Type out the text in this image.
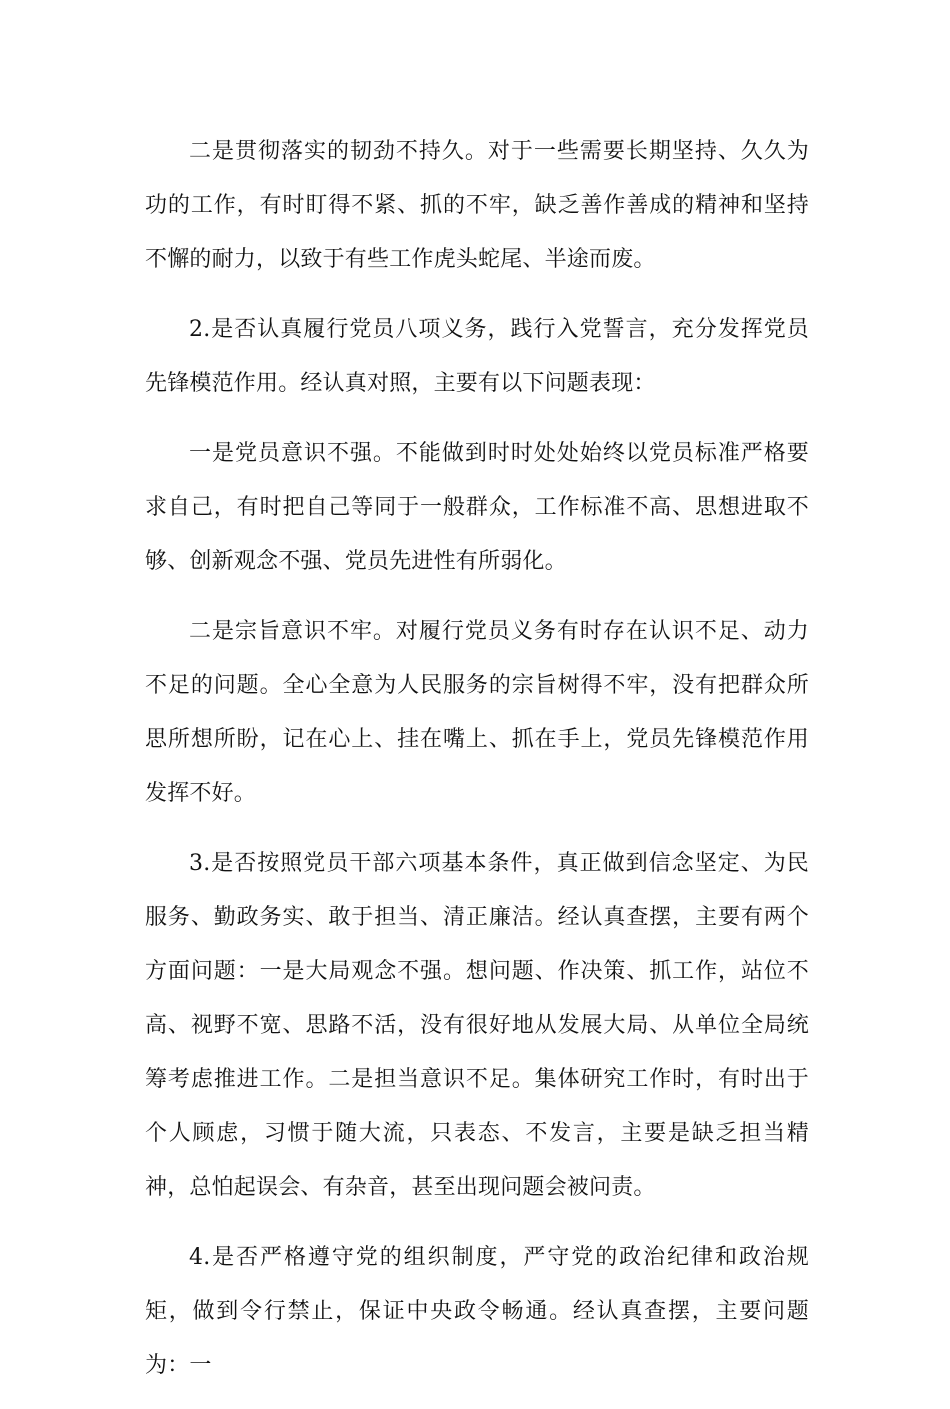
二是贯彻落实的韧劲不持久。对于一些需要长期坚持、久久为功的工作，有时盯得不紧、抓的不牢，缺乏善作善成的精神和坚持不懈的耐力，以致于有些工作虎头蛇尾、半途而废。

2.是否认真履行党员八项义务，践行入党誓言，充分发挥党员先锋模范作用。经认真对照，主要有以下问题表现：

一是党员意识不强。不能做到时时处处始终以党员标准严格要求自己，有时把自己等同于一般群众，工作标准不高、思想进取不够、创新观念不强、党员先进性有所弱化。

二是宗旨意识不牢。对履行党员义务有时存在认识不足、动力不足的问题。全心全意为人民服务的宗旨树得不牢，没有把群众所思所想所盼，记在心上、挂在嘴上、抓在手上，党员先锋模范作用发挥不好。

3.是否按照党员干部六项基本条件，真正做到信念坚定、为民服务、勤政务实、敢于担当、清正廉洁。经认真查摆，主要有两个方面问题：一是大局观念不强。想问题、作决策、抓工作，站位不高、视野不宽、思路不活，没有很好地从发展大局、从单位全局统筹考虑推进工作。二是担当意识不足。集体研究工作时，有时出于个人顾虑，习惯于随大流，只表态、不发言，主要是缺乏担当精神，总怕起误会、有杂音，甚至出现问题会被问责。

4.是否严格遵守党的组织制度，严守党的政治纪律和政治规矩，做到令行禁止，保证中央政令畅通。经认真查摆，主要问题为：一
